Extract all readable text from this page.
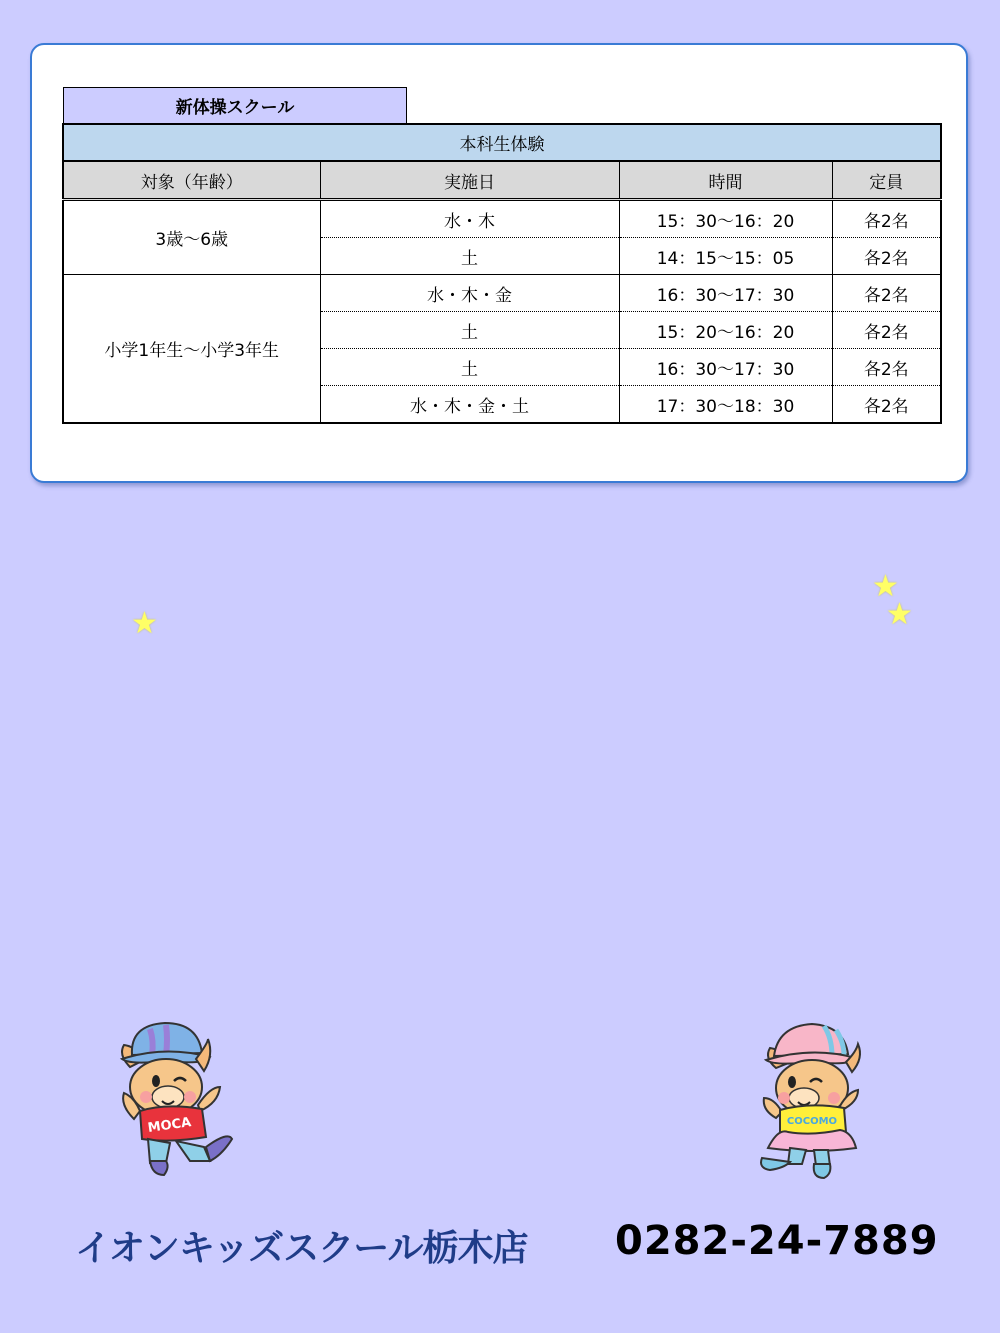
新体操スクール
本科生体験			
対象（年齢）	実施日	時間	定員
3歳～6歳	水・木	15：30～16：20	各2名
	土	14：15～15：05	各2名
小学1年生～小学3年生	水・木・金	16：30～17：30	各2名
	土	15：20～16：20	各2名
	土	16：30～17：30	各2名
	水・木・金・土	17：30～18：30	各2名
★
★
★
MOCA	COCOMO
イオンキッズスクール栃木店 0282-24-7889
